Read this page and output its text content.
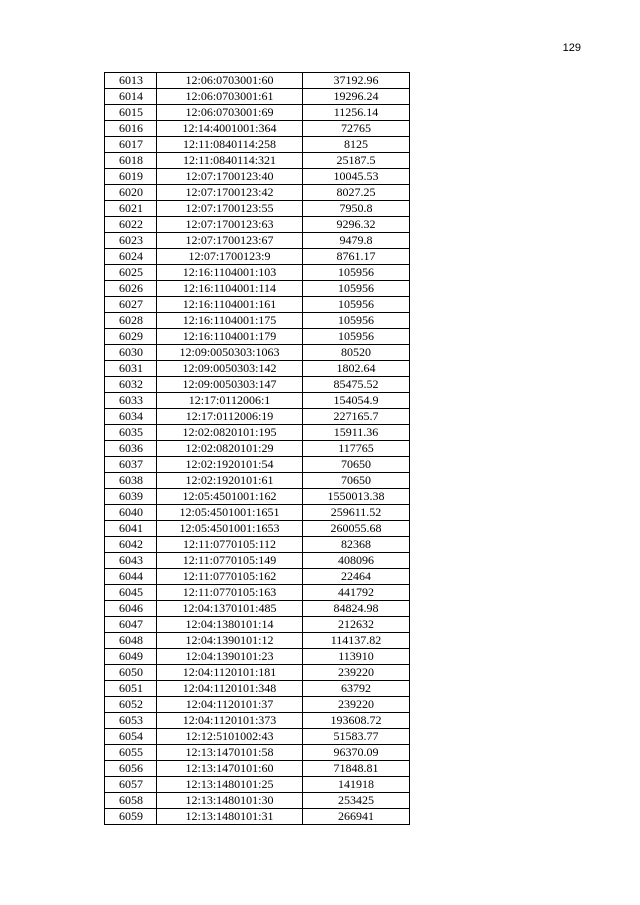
129
6013	12:06:0703001:60	37192.96
6014	12:06:0703001:61	19296.24
6015	12:06:0703001:69	11256.14
6016	12:14:4001001:364	72765
6017	12:11:0840114:258	8125
6018	12:11:0840114:321	25187.5
6019	12:07:1700123:40	10045.53
6020	12:07:1700123:42	8027.25
6021	12:07:1700123:55	7950.8
6022	12:07:1700123:63	9296.32
6023	12:07:1700123:67	9479.8
6024	12:07:1700123:9	8761.17
6025	12:16:1104001:103	105956
6026	12:16:1104001:114	105956
6027	12:16:1104001:161	105956
6028	12:16:1104001:175	105956
6029	12:16:1104001:179	105956
6030	12:09:0050303:1063	80520
6031	12:09:0050303:142	1802.64
6032	12:09:0050303:147	85475.52
6033	12:17:0112006:1	154054.9
6034	12:17:0112006:19	227165.7
6035	12:02:0820101:195	15911.36
6036	12:02:0820101:29	117765
6037	12:02:1920101:54	70650
6038	12:02:1920101:61	70650
6039	12:05:4501001:162	1550013.38
6040	12:05:4501001:1651	259611.52
6041	12:05:4501001:1653	260055.68
6042	12:11:0770105:112	82368
6043	12:11:0770105:149	408096
6044	12:11:0770105:162	22464
6045	12:11:0770105:163	441792
6046	12:04:1370101:485	84824.98
6047	12:04:1380101:14	212632
6048	12:04:1390101:12	114137.82
6049	12:04:1390101:23	113910
6050	12:04:1120101:181	239220
6051	12:04:1120101:348	63792
6052	12:04:1120101:37	239220
6053	12:04:1120101:373	193608.72
6054	12:12:5101002:43	51583.77
6055	12:13:1470101:58	96370.09
6056	12:13:1470101:60	71848.81
6057	12:13:1480101:25	141918
6058	12:13:1480101:30	253425
6059	12:13:1480101:31	266941
